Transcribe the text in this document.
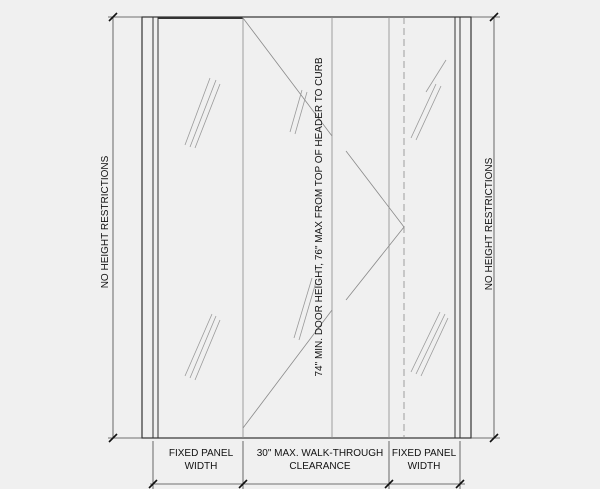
NO HEIGHT RESTRICTIONS	NO HEIGHT RESTRICTIONS
74" MIN. DOOR HEIGHT, 76" MAX FROM TOP OF HEADER TO CURB
FIXED PANEL
WIDTH
30" MAX. WALK-THROUGH
CLEARANCE
FIXED PANEL
WIDTH
